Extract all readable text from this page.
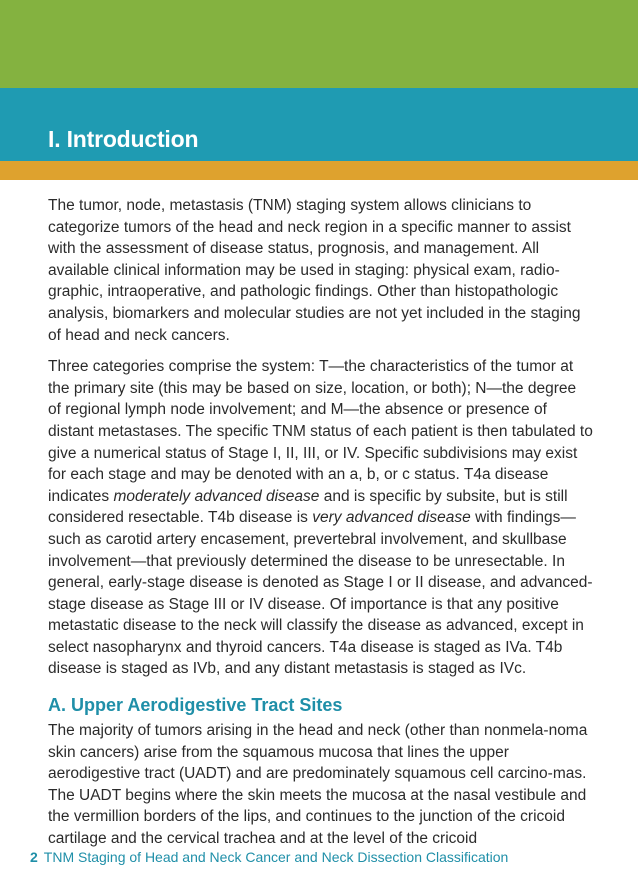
I. Introduction

The tumor, node, metastasis (TNM) staging system allows clinicians to categorize tumors of the head and neck region in a specific manner to assist with the assessment of disease status, prognosis, and management. All available clinical information may be used in staging: physical exam, radio-graphic, intraoperative, and pathologic findings. Other than histopathologic analysis, biomarkers and molecular studies are not yet included in the staging of head and neck cancers.

Three categories comprise the system: T—the characteristics of the tumor at the primary site (this may be based on size, location, or both); N—the degree of regional lymph node involvement; and M—the absence or presence of distant metastases. The specific TNM status of each patient is then tabulated to give a numerical status of Stage I, II, III, or IV. Specific subdivisions may exist for each stage and may be denoted with an a, b, or c status. T4a disease indicates moderately advanced disease and is specific by subsite, but is still considered resectable. T4b disease is very advanced disease with findings—such as carotid artery encasement, prevertebral involvement, and skullbase involvement—that previously determined the disease to be unresectable. In general, early-stage disease is denoted as Stage I or II disease, and advanced-stage disease as Stage III or IV disease. Of importance is that any positive metastatic disease to the neck will classify the disease as advanced, except in select nasopharynx and thyroid cancers. T4a disease is staged as IVa. T4b disease is staged as IVb, and any distant metastasis is staged as IVc.

A. Upper Aerodigestive Tract Sites

The majority of tumors arising in the head and neck (other than nonmela-noma skin cancers) arise from the squamous mucosa that lines the upper aerodigestive tract (UADT) and are predominately squamous cell carcino-mas. The UADT begins where the skin meets the mucosa at the nasal vestibule and the vermillion borders of the lips, and continues to the junction of the cricoid cartilage and the cervical trachea and at the level of the cricoid

2 TNM Staging of Head and Neck Cancer and Neck Dissection Classification
